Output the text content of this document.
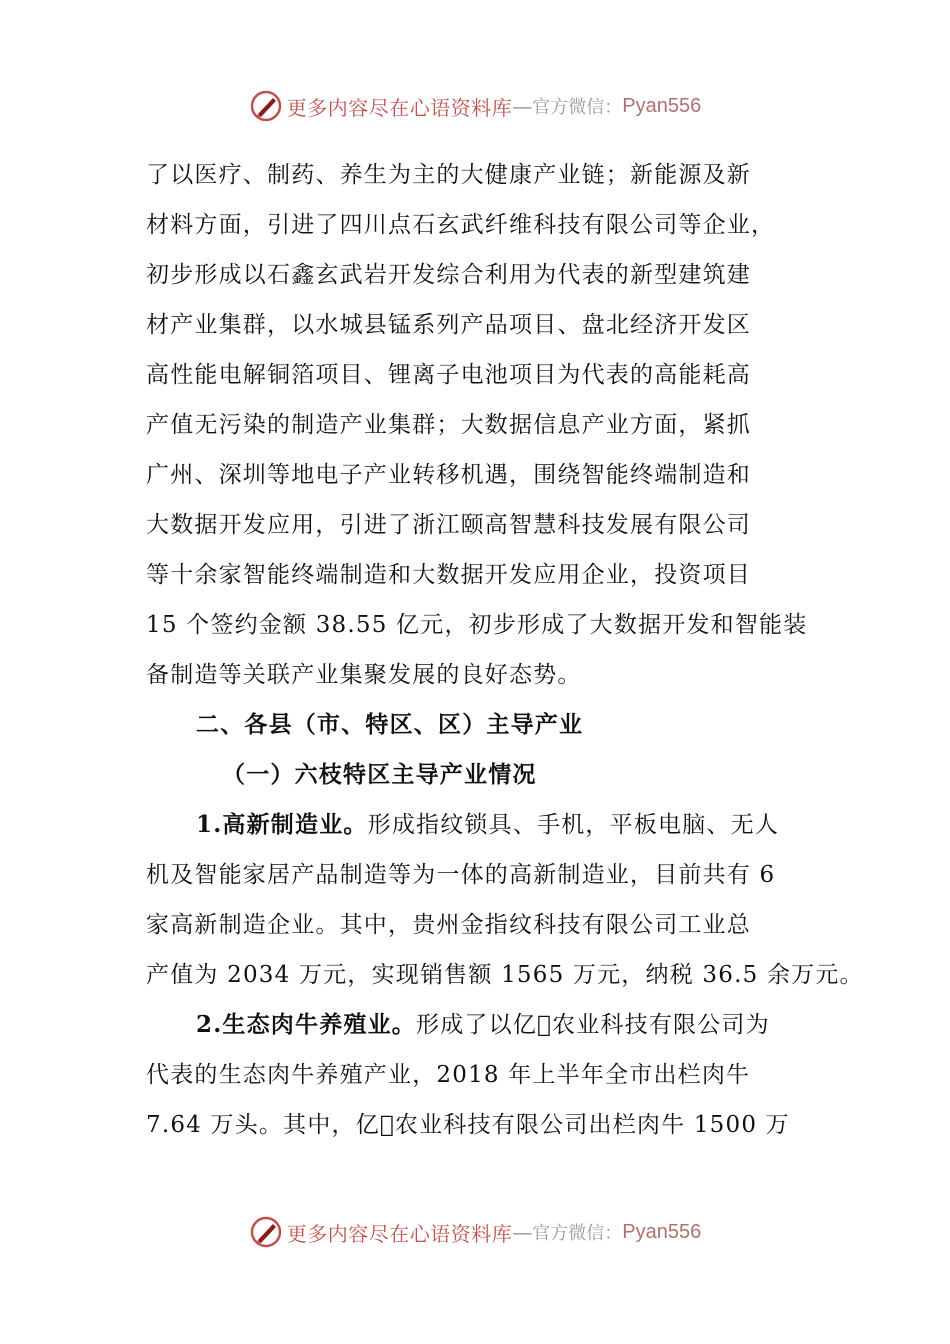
更多内容尽在心语资料库 — 官方微信： Pyan556
了以医疗、制药、养生为主的大健康产业链；新能源及新
材料方面，引进了四川点石玄武纤维科技有限公司等企业，
初步形成以石鑫玄武岩开发综合利用为代表的新型建筑建
材产业集群，以水城县锰系列产品项目、盘北经济开发区
高性能电解铜箔项目、锂离子电池项目为代表的高能耗高
产值无污染的制造产业集群；大数据信息产业方面，紧抓
广州、深圳等地电子产业转移机遇，围绕智能终端制造和
大数据开发应用，引进了浙江颐高智慧科技发展有限公司
等十余家智能终端制造和大数据开发应用企业，投资项目
15 个签约金额 38.55 亿元，初步形成了大数据开发和智能装
备制造等关联产业集聚发展的良好态势。
二、各县（市、特区、区）主导产业
（一）六枝特区主导产业情况
1.高新制造业。形成指纹锁具、手机，平板电脑、无人
机及智能家居产品制造等为一体的高新制造业，目前共有 6
家高新制造企业。其中，贵州金指纹科技有限公司工业总
产值为 2034 万元，实现销售额 1565 万元，纳税 36.5 余万元。
2.生态肉牛养殖业。形成了以亿𬒍农业科技有限公司为
代表的生态肉牛养殖产业，2018 年上半年全市出栏肉牛
7.64 万头。其中，亿𬒍农业科技有限公司出栏肉牛 1500 万
更多内容尽在心语资料库 — 官方微信： Pyan556
